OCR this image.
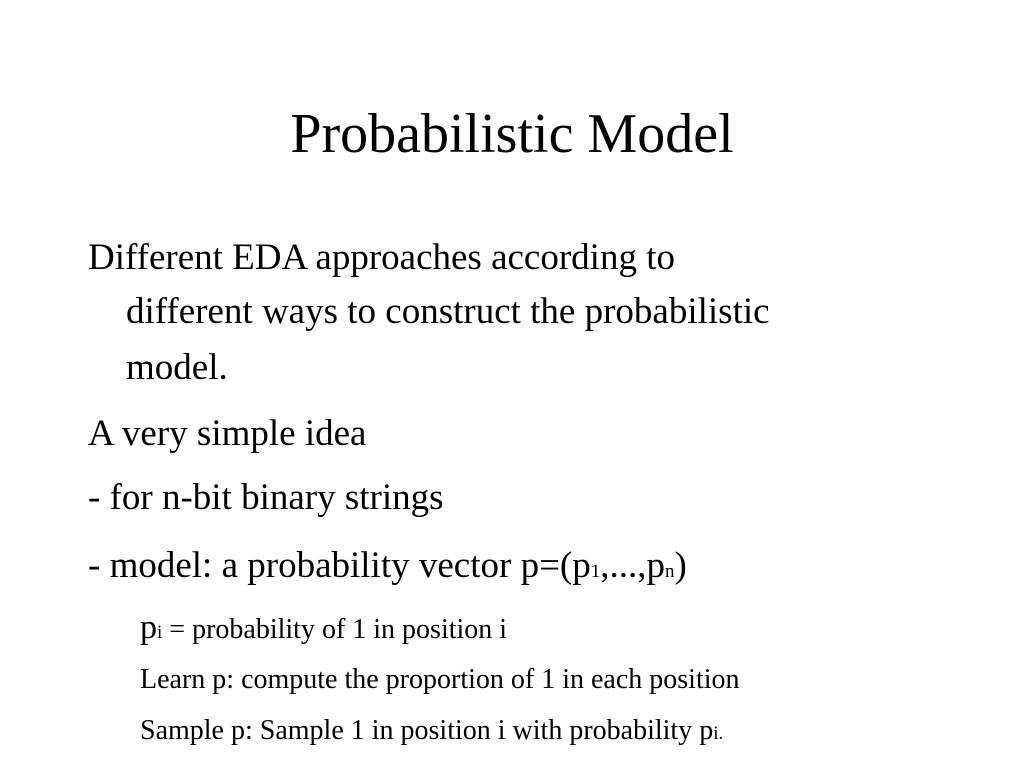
Probabilistic Model
Different EDA approaches according to
different ways to construct the probabilistic
model.
A very simple idea
- for n-bit binary strings
- model: a probability vector p=(p1,...,pn)
pi = probability of 1 in position i
Learn p: compute the proportion of 1 in each position
Sample p: Sample 1 in position i with probability pi.
